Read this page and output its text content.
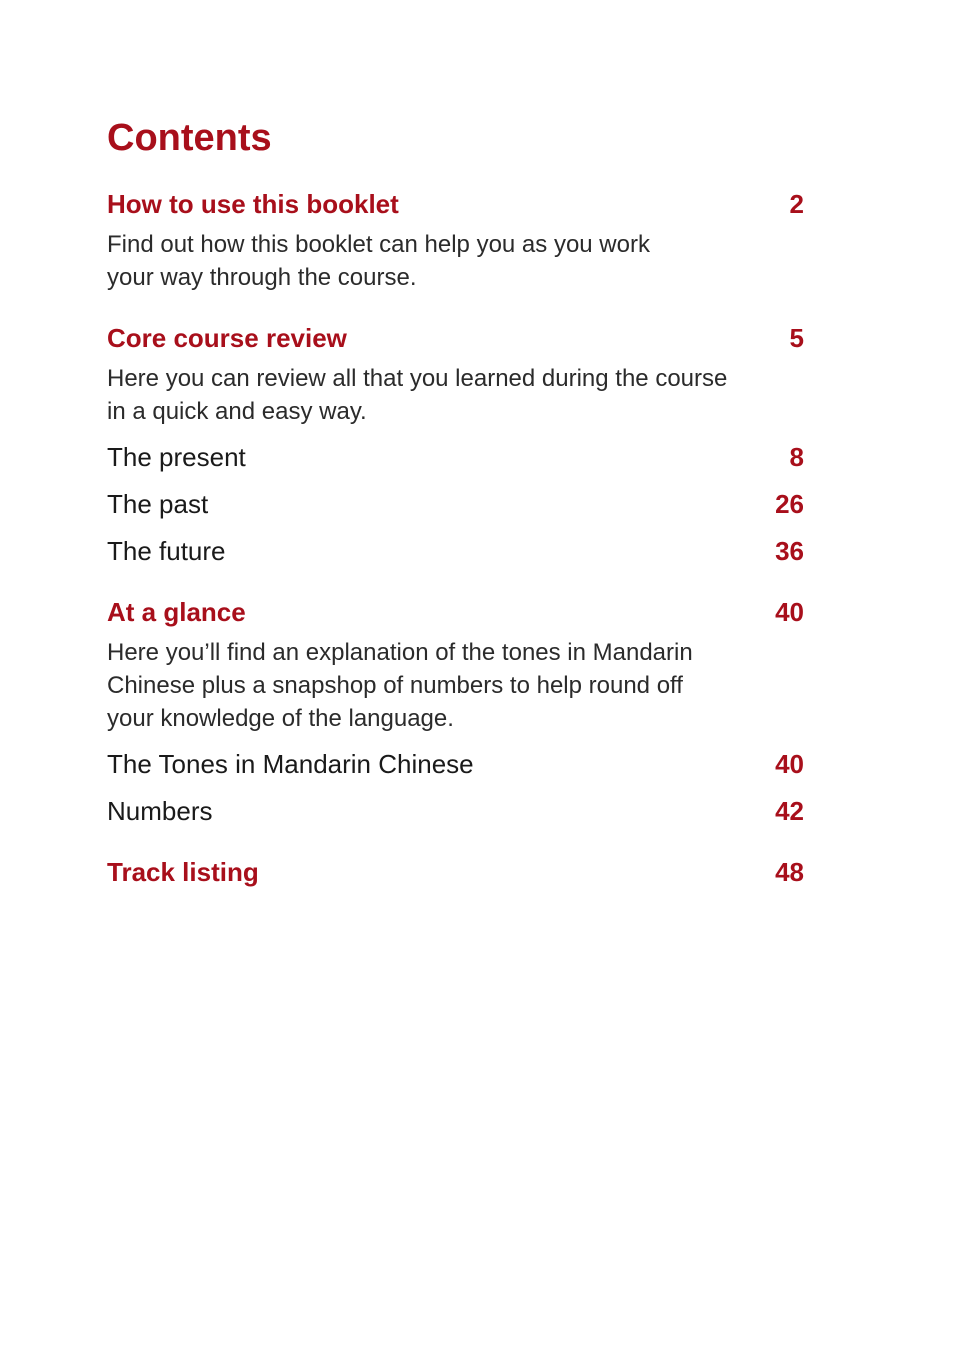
Contents
How to use this booklet	2

Find out how this booklet can help you as you work
your way through the course.

Core course review	5

Here you can review all that you learned during the course
in a quick and easy way.

The present	8
The past	26
The future	36
At a glance	40

Here you’ll find an explanation of the tones in Mandarin
Chinese plus a snapshop of numbers to help round off
your knowledge of the language.

The Tones in Mandarin Chinese	40
Numbers	42
Track listing	48
